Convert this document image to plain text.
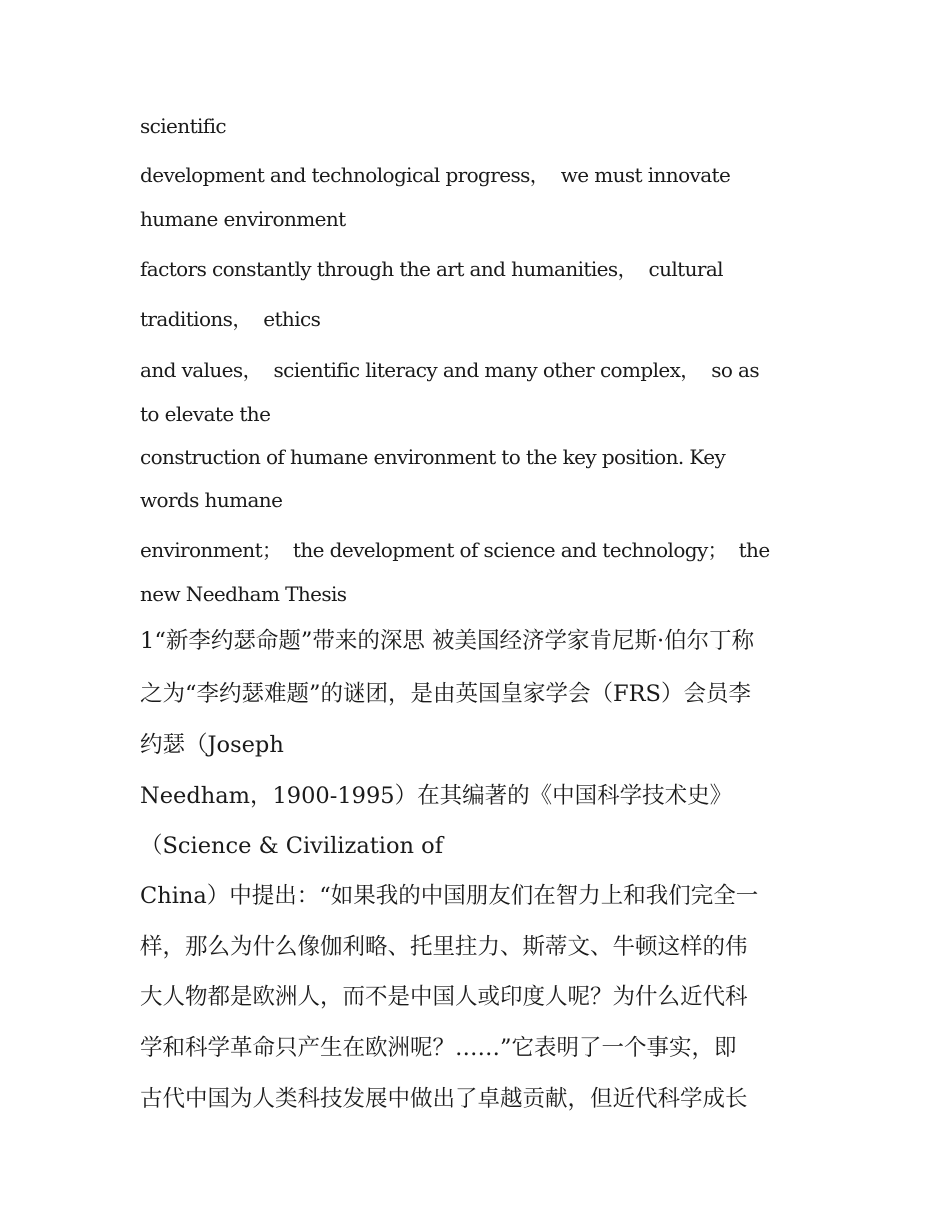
scientific
development and technological progress，  we must innovate
humane environment
factors constantly through the art and humanities，  cultural
traditions，  ethics
and values，  scientific literacy and many other complex，  so as
to elevate the
construction of humane environment to the key position. Key
words humane
environment；  the development of science and technology；  the
new Needham Thesis
1“新李约瑟命题”带来的深思 被美国经济学家肯尼斯·伯尔丁称
之为“李约瑟难题”的谜团，是由英国皇家学会（FRS）会员李
约瑟（Joseph
Needham，1900-1995）在其编著的《中国科学技术史》
（Science & Civilization of
China）中提出：“如果我的中国朋友们在智力上和我们完全一
样，那么为什么像伽利略、托里拄力、斯蒂文、牛顿这样的伟
大人物都是欧洲人，而不是中国人或印度人呢？为什么近代科
学和科学革命只产生在欧洲呢？……”它表明了一个事实，即
古代中国为人类科技发展中做出了卓越贡献，但近代科学成长
